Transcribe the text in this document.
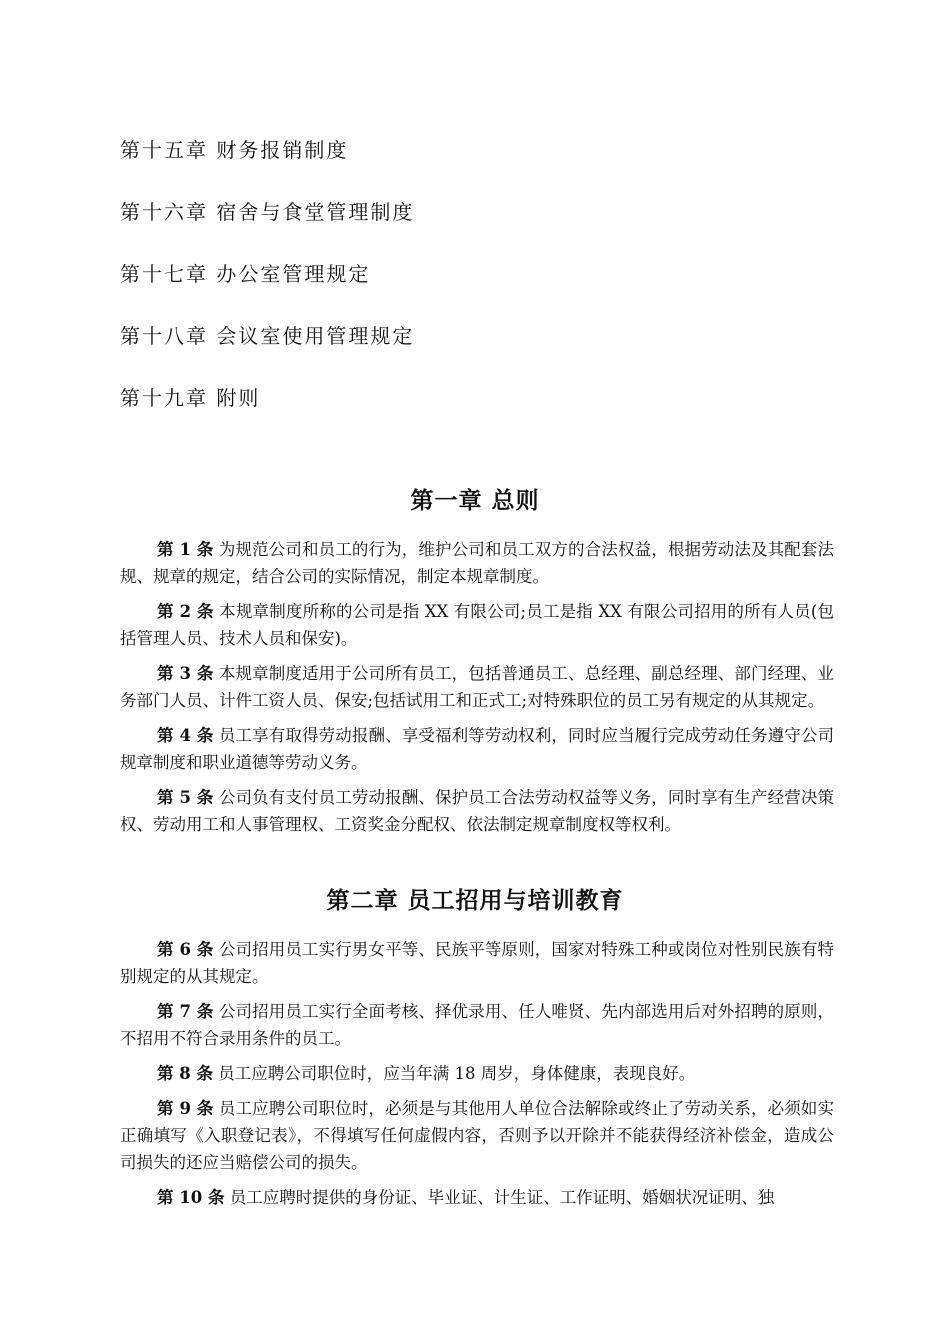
第十五章 财务报销制度
第十六章 宿舍与食堂管理制度
第十七章 办公室管理规定
第十八章 会议室使用管理规定
第十九章 附则
第一章 总则

第 1 条 为规范公司和员工的行为，维护公司和员工双方的合法权益，根据劳动法及其配套法规、规章的规定，结合公司的实际情况，制定本规章制度。

第 2 条 本规章制度所称的公司是指 XX 有限公司;员工是指 XX 有限公司招用的所有人员(包括管理人员、技术人员和保安)。

第 3 条 本规章制度适用于公司所有员工，包括普通员工、总经理、副总经理、部门经理、业务部门人员、计件工资人员、保安;包括试用工和正式工;对特殊职位的员工另有规定的从其规定。

第 4 条 员工享有取得劳动报酬、享受福利等劳动权利，同时应当履行完成劳动任务遵守公司规章制度和职业道德等劳动义务。

第 5 条 公司负有支付员工劳动报酬、保护员工合法劳动权益等义务，同时享有生产经营决策权、劳动用工和人事管理权、工资奖金分配权、依法制定规章制度权等权利。

第二章 员工招用与培训教育

第 6 条 公司招用员工实行男女平等、民族平等原则，国家对特殊工种或岗位对性别民族有特别规定的从其规定。

第 7 条 公司招用员工实行全面考核、择优录用、任人唯贤、先内部选用后对外招聘的原则，不招用不符合录用条件的员工。

第 8 条 员工应聘公司职位时，应当年满 18 周岁，身体健康，表现良好。

第 9 条 员工应聘公司职位时，必须是与其他用人单位合法解除或终止了劳动关系，必须如实正确填写《入职登记表》，不得填写任何虚假内容，否则予以开除并不能获得经济补偿金，造成公司损失的还应当赔偿公司的损失。

第 10 条 员工应聘时提供的身份证、毕业证、计生证、工作证明、婚姻状况证明、独
